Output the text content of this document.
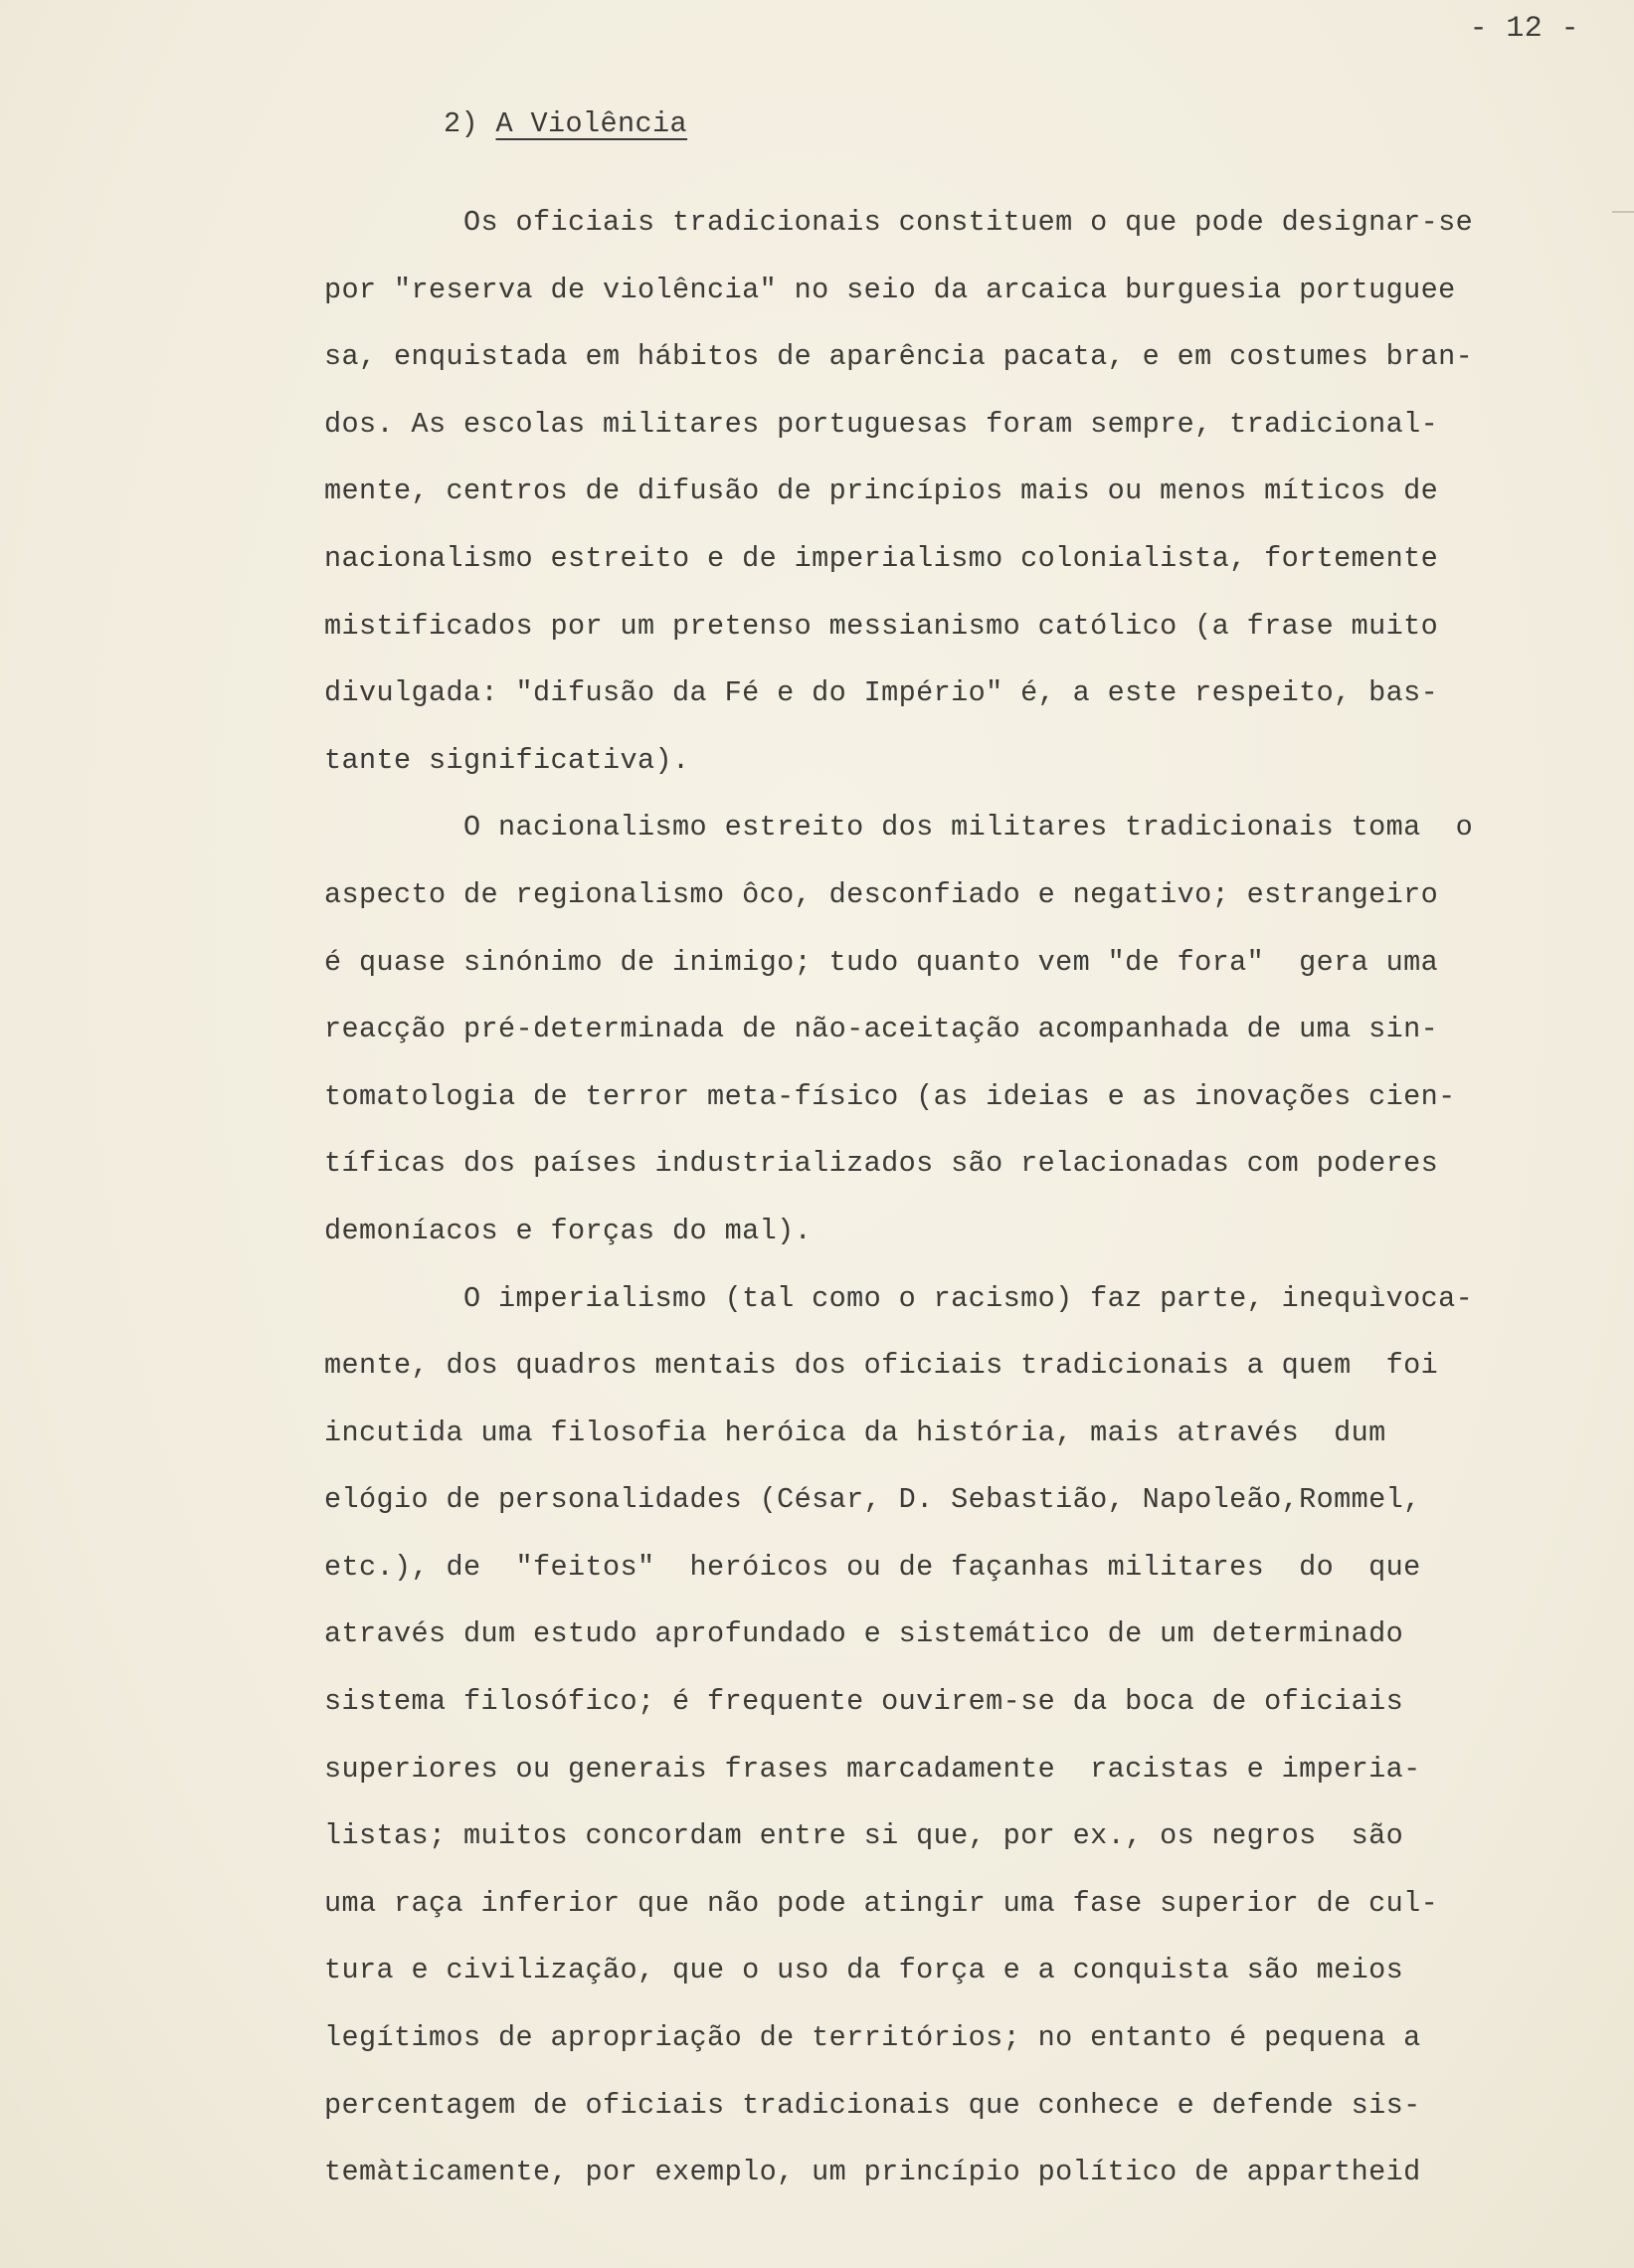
- 12 -
2) A Violência
Os oficiais tradicionais constituem o que pode designar-se
por "reserva de violência" no seio da arcaica burguesia portuguee
sa, enquistada em hábitos de aparência pacata, e em costumes bran-
dos. As escolas militares portuguesas foram sempre, tradicional-
mente, centros de difusão de princípios mais ou menos míticos de
nacionalismo estreito e de imperialismo colonialista, fortemente
mistificados por um pretenso messianismo católico (a frase muito
divulgada: "difusão da Fé e do Império" é, a este respeito, bas-
tante significativa).
O nacionalismo estreito dos militares tradicionais toma  o
aspecto de regionalismo ôco, desconfiado e negativo; estrangeiro
é quase sinónimo de inimigo; tudo quanto vem "de fora"  gera uma
reacção pré-determinada de não-aceitação acompanhada de uma sin-
tomatologia de terror meta-físico (as ideias e as inovações cien-
tíficas dos países industrializados são relacionadas com poderes
demoníacos e forças do mal).
O imperialismo (tal como o racismo) faz parte, inequìvoca-
mente, dos quadros mentais dos oficiais tradicionais a quem  foi
incutida uma filosofia heróica da história, mais através  dum
elógio de personalidades (César, D. Sebastião, Napoleão,Rommel,
etc.), de  "feitos"  heróicos ou de façanhas militares  do  que
através dum estudo aprofundado e sistemático de um determinado
sistema filosófico; é frequente ouvirem-se da boca de oficiais
superiores ou generais frases marcadamente  racistas e imperia-
listas; muitos concordam entre si que, por ex., os negros  são
uma raça inferior que não pode atingir uma fase superior de cul-
tura e civilização, que o uso da força e a conquista são meios
legítimos de apropriação de territórios; no entanto é pequena a
percentagem de oficiais tradicionais que conhece e defende sis-
temàticamente, por exemplo, um princípio político de appartheid
